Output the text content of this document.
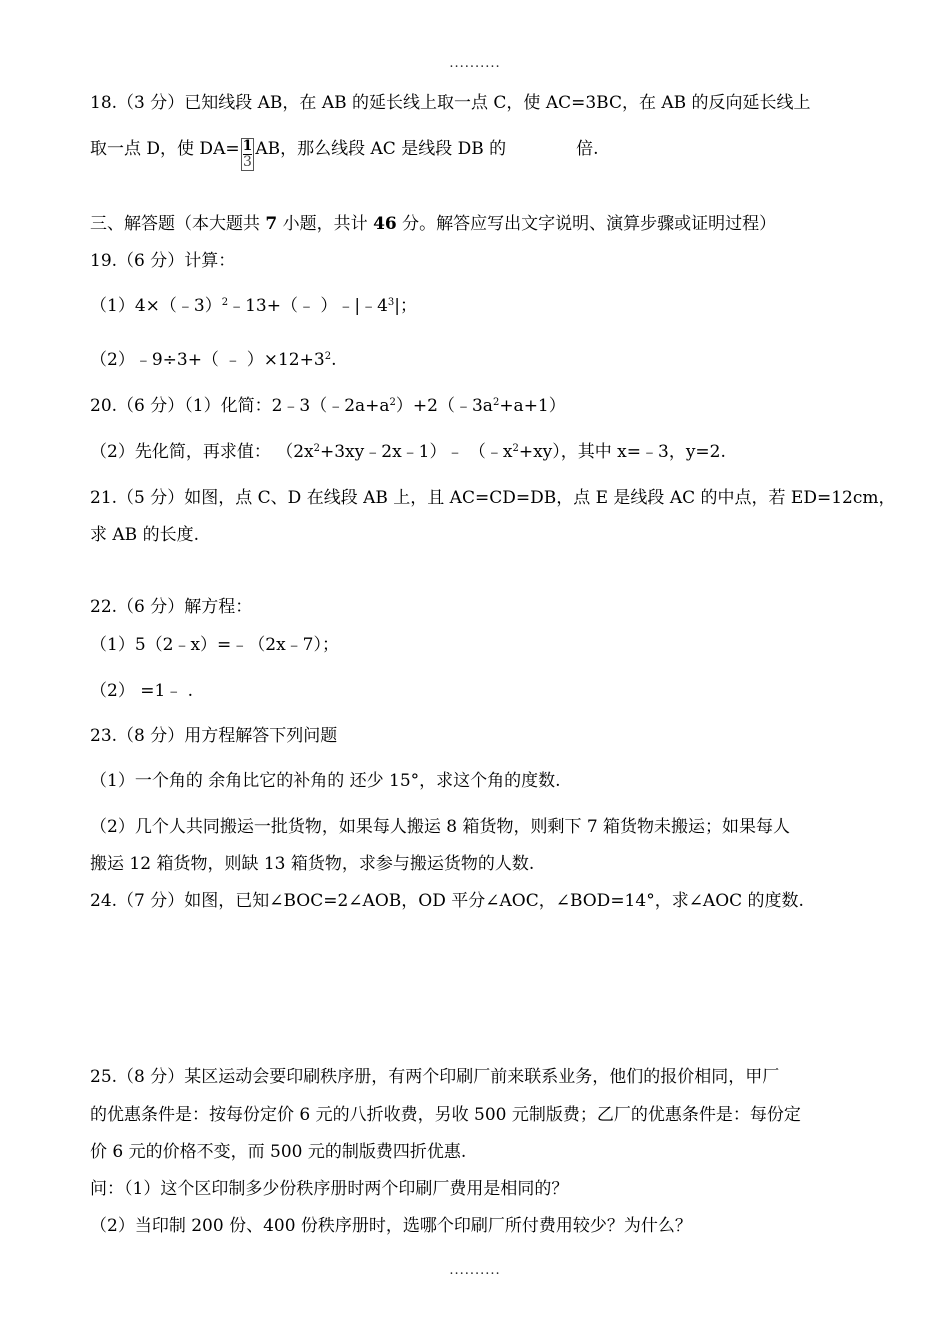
..........
18.（3 分）已知线段 AB，在 AB 的延长线上取一点 C，使 AC=3BC，在 AB 的反向延长线上
取一点 D，使 $DA= \frac{1}{3}$ AB，那么线段 AC 是线段 DB 的	倍.
三、解答题（本大题共 7 小题，共计 46 分。解答应写出文字说明、演算步骤或证明过程）
19.（6 分）计算：
（1）4×（﹣3）$^2$﹣13+（﹣ ）$﹣|﹣4^3|$；
（2）﹣9÷3+（ ﹣ ）$\times 12+3^2$.
20.（6 分）（1）化简：$2﹣3(﹣2a+a^2)+2(﹣3a^2+a+1)$
（2）先化简，再求值： $(2x^2+3xy﹣2x﹣1)﹣$ $(﹣x^2+xy)$，其中 x=﹣3，y=2.
21.（5 分）如图，点 C、D 在线段 AB 上，且 AC=CD=DB，点 E 是线段 AC 的中点，若 ED=12cm，
求 AB 的长度.
22.（6 分）解方程：
（1）5（2﹣x）=﹣（2x﹣7）；
（2） =1﹣ .
23.（8 分）用方程解答下列问题
（1）一个角的 余角比它的补角的 还少 15°，求这个角的度数.
（2）几个人共同搬运一批货物，如果每人搬运 8 箱货物，则剩下 7 箱货物未搬运；如果每人
搬运 12 箱货物，则缺 13 箱货物，求参与搬运货物的人数.
24.（7 分）如图，已知∠BOC=2∠AOB，OD 平分∠AOC，∠BOD=14°，求∠AOC 的度数.
25.（8 分）某区运动会要印刷秩序册，有两个印刷厂前来联系业务，他们的报价相同，甲厂
的优惠条件是：按每份定价 6 元的八折收费，另收 500 元制版费；乙厂的优惠条件是：每份定
价 6 元的价格不变，而 500 元的制版费四折优惠.
问：（1）这个区印制多少份秩序册时两个印刷厂费用是相同的？
（2）当印制 200 份、400 份秩序册时，选哪个印刷厂所付费用较少？为什么？
..........
